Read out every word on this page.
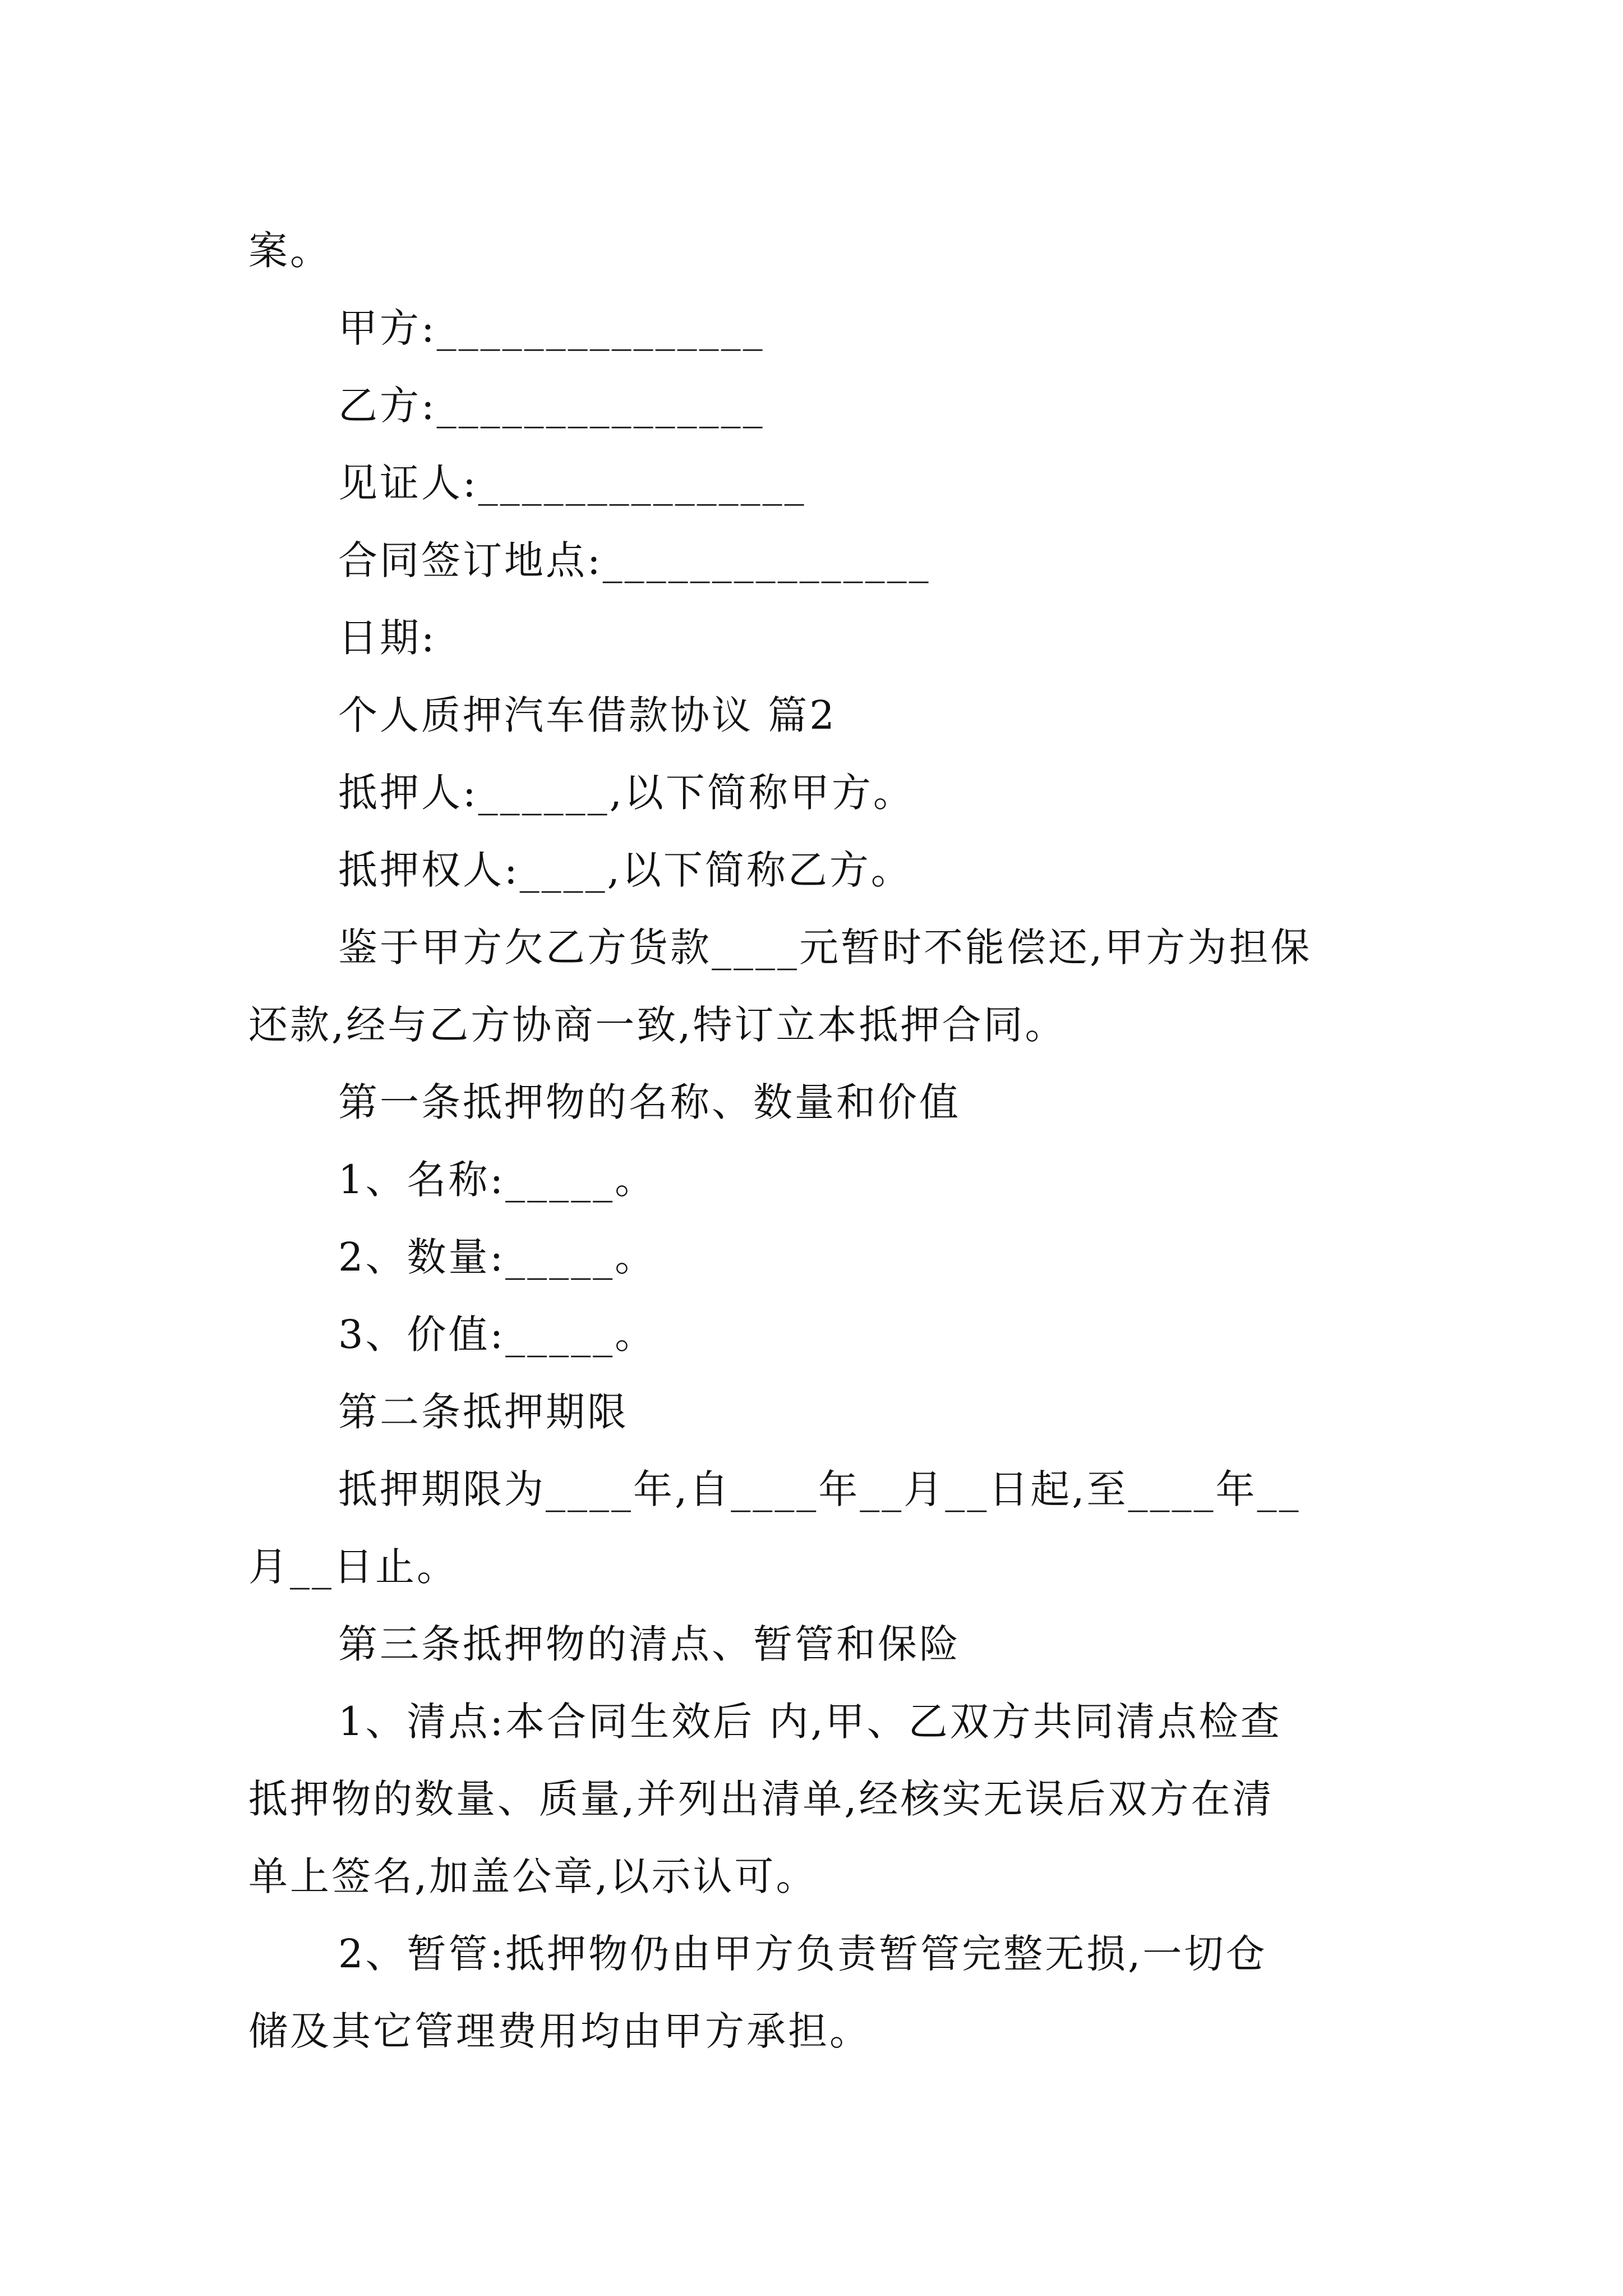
案。
甲方:_______________
乙方:_______________
见证人:_______________
合同签订地点:_______________
日期:
个人质押汽车借款协议 篇2
抵押人:______,以下简称甲方。
抵押权人:____,以下简称乙方。
鉴于甲方欠乙方货款____元暂时不能偿还,甲方为担保
还款,经与乙方协商一致,特订立本抵押合同。
第一条抵押物的名称、数量和价值
1、名称:_____。
2、数量:_____。
3、价值:_____。
第二条抵押期限
抵押期限为____年,自____年__月__日起,至____年__
月__日止。
第三条抵押物的清点、暂管和保险
1、清点:本合同生效后 内,甲、乙双方共同清点检查
抵押物的数量、质量,并列出清单,经核实无误后双方在清
单上签名,加盖公章,以示认可。
2、暂管:抵押物仍由甲方负责暂管完整无损,一切仓
储及其它管理费用均由甲方承担。
